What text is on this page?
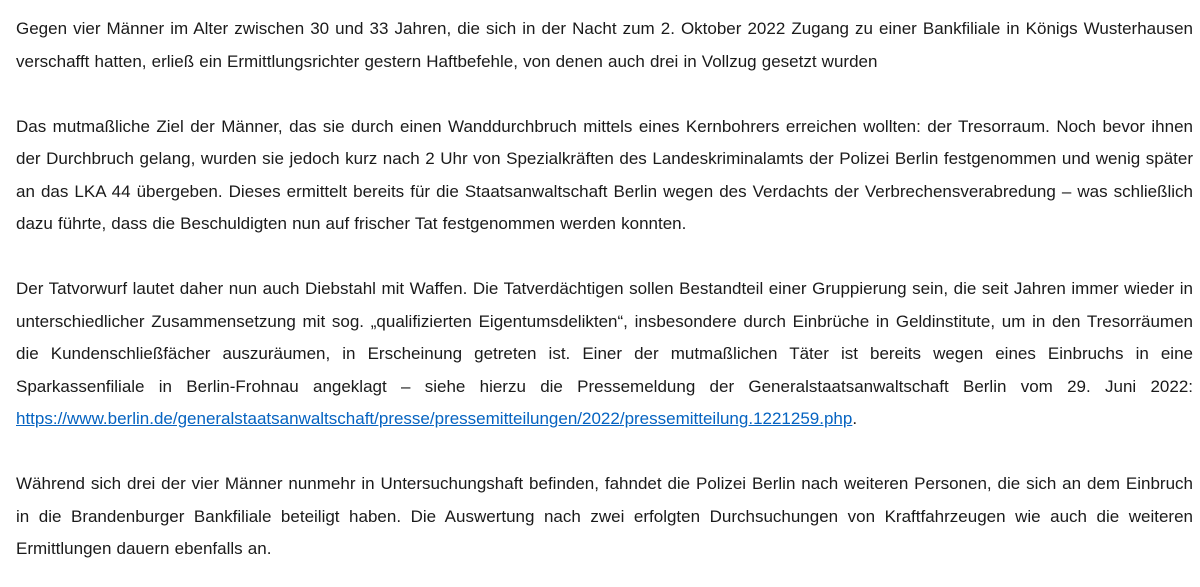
Gegen vier Männer im Alter zwischen 30 und 33 Jahren, die sich in der Nacht zum 2. Oktober 2022 Zugang zu einer Bankfiliale in Königs Wusterhausen verschafft hatten, erließ ein Ermittlungsrichter gestern Haftbefehle, von denen auch drei in Vollzug gesetzt wurden

Das mutmaßliche Ziel der Männer, das sie durch einen Wanddurchbruch mittels eines Kernbohrers erreichen wollten: der Tresorraum. Noch bevor ihnen der Durchbruch gelang, wurden sie jedoch kurz nach 2 Uhr von Spezialkräften des Landeskriminalamts der Polizei Berlin festgenommen und wenig später an das LKA 44 übergeben. Dieses ermittelt bereits für die Staatsanwaltschaft Berlin wegen des Verdachts der Verbrechensverabredung – was schließlich dazu führte, dass die Beschuldigten nun auf frischer Tat festgenommen werden konnten.

Der Tatvorwurf lautet daher nun auch Diebstahl mit Waffen. Die Tatverdächtigen sollen Bestandteil einer Gruppierung sein, die seit Jahren immer wieder in unterschiedlicher Zusammensetzung mit sog. „qualifizierten Eigentumsdelikten“, insbesondere durch Einbrüche in Geldinstitute, um in den Tresorräumen die Kundenschließfächer auszuräumen, in Erscheinung getreten ist. Einer der mutmaßlichen Täter ist bereits wegen eines Einbruchs in eine Sparkassenfiliale in Berlin-Frohnau angeklagt – siehe hierzu die Pressemeldung der Generalstaatsanwaltschaft Berlin vom 29. Juni 2022: https://www.berlin.de/generalstaatsanwaltschaft/presse/pressemitteilungen/2022/pressemitteilung.1221259.php.

Während sich drei der vier Männer nunmehr in Untersuchungshaft befinden, fahndet die Polizei Berlin nach weiteren Personen, die sich an dem Einbruch in die Brandenburger Bankfiliale beteiligt haben. Die Auswertung nach zwei erfolgten Durchsuchungen von Kraftfahrzeugen wie auch die weiteren Ermittlungen dauern ebenfalls an.
